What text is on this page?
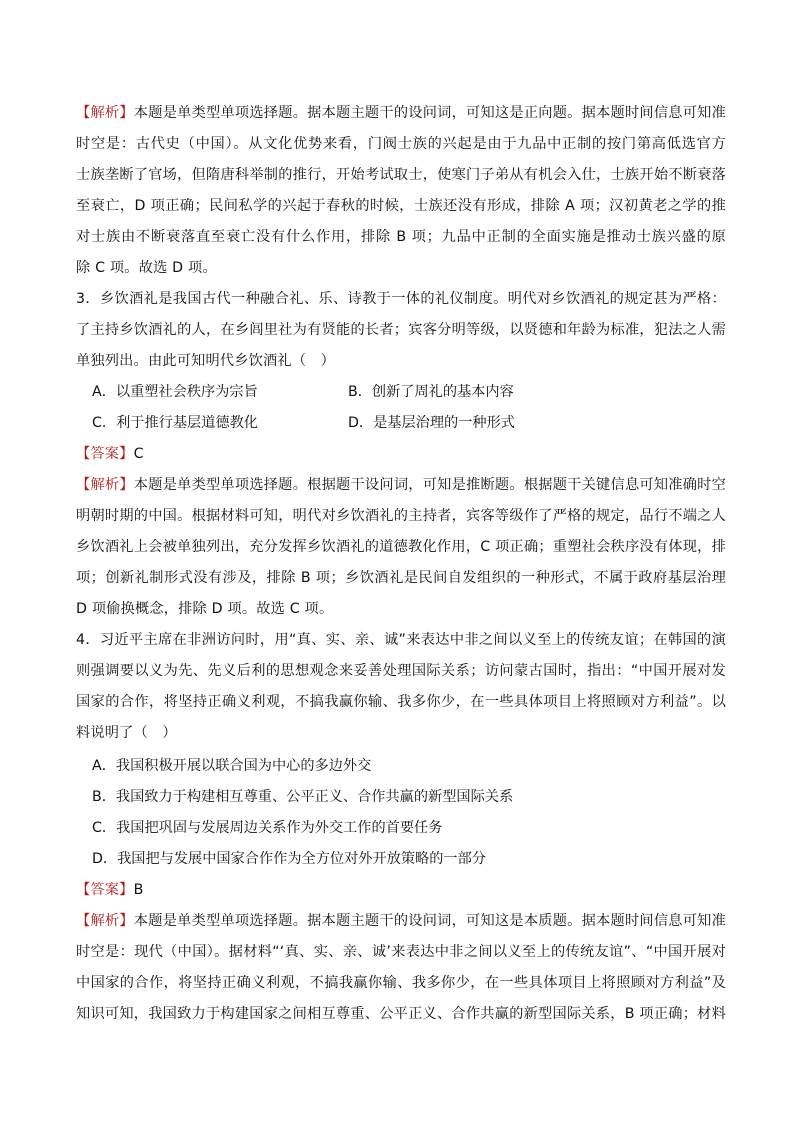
【解析】本题是单类型单项选择题。据本题主题干的设问词，可知这是正向题。据本题时间信息可知准
时空是：古代史（中国）。从文化优势来看，门阀士族的兴起是由于九品中正制的按门第高低选官方
士族垄断了官场，但隋唐科举制的推行，开始考试取士，使寒门子弟从有机会入仕，士族开始不断衰落
至衰亡，D 项正确；民间私学的兴起于春秋的时候，士族还没有形成，排除 A 项；汉初黄老之学的推
对士族由不断衰落直至衰亡没有什么作用，排除 B 项；九品中正制的全面实施是推动士族兴盛的原
除 C 项。故选 D 项。
3．乡饮酒礼是我国古代一种融合礼、乐、诗教于一体的礼仪制度。明代对乡饮酒礼的规定甚为严格：
了主持乡饮酒礼的人，在乡闾里社为有贤能的长者；宾客分明等级，以贤德和年龄为标准，犯法之人需
单独列出。由此可知明代乡饮酒礼（　）
A．以重塑社会秩序为宗旨	B．创新了周礼的基本内容
C．利于推行基层道德教化	D．是基层治理的一种形式
【答案】C
【解析】本题是单类型单项选择题。根据题干设问词，可知是推断题。根据题干关键信息可知准确时空
明朝时期的中国。根据材料可知，明代对乡饮酒礼的主持者，宾客等级作了严格的规定，品行不端之人
乡饮酒礼上会被单独列出，充分发挥乡饮酒礼的道德教化作用，C 项正确；重塑社会秩序没有体现，排
项；创新礼制形式没有涉及，排除 B 项；乡饮酒礼是民间自发组织的一种形式，不属于政府基层治理
D 项偷换概念，排除 D 项。故选 C 项。
4．习近平主席在非洲访问时，用“真、实、亲、诚”来表达中非之间以义至上的传统友谊；在韩国的演
则强调要以义为先、先义后利的思想观念来妥善处理国际关系；访问蒙古国时，指出：“中国开展对发
国家的合作，将坚持正确义利观，不搞我赢你输、我多你少，在一些具体项目上将照顾对方利益”。以
料说明了（　）
A．我国积极开展以联合国为中心的多边外交
B．我国致力于构建相互尊重、公平正义、合作共赢的新型国际关系
C．我国把巩固与发展周边关系作为外交工作的首要任务
D．我国把与发展中国家合作作为全方位对外开放策略的一部分
【答案】B
【解析】本题是单类型单项选择题。据本题主题干的设问词，可知这是本质题。据本题时间信息可知准
时空是：现代（中国）。据材料“‘真、实、亲、诚’来表达中非之间以义至上的传统友谊”、“中国开展对
中国家的合作，将坚持正确义利观，不搞我赢你输、我多你少，在一些具体项目上将照顾对方利益”及
知识可知，我国致力于构建国家之间相互尊重、公平正义、合作共赢的新型国际关系，B 项正确；材料
